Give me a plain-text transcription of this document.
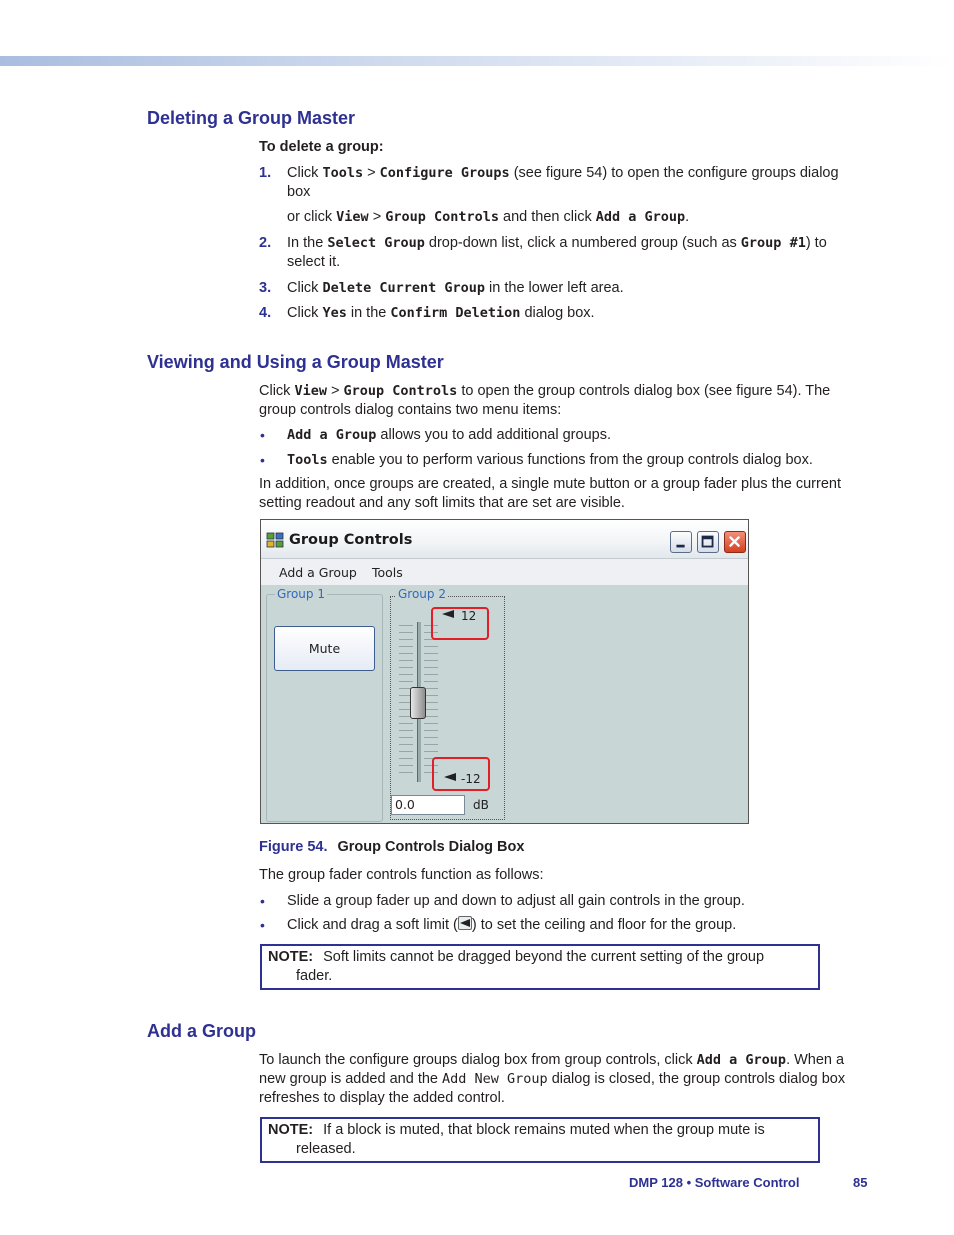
Deleting a Group Master

To delete a group:

1. Click Tools > Configure Groups (see figure 54) to open the configure groups dialog box

or click View > Group Controls and then click Add a Group.

2. In the Select Group drop-down list, click a numbered group (such as Group #1) to select it.

3. Click Delete Current Group in the lower left area.

4. Click Yes in the Confirm Deletion dialog box.

Viewing and Using a Group Master

Click View > Group Controls to open the group controls dialog box (see figure 54). The group controls dialog contains two menu items:

• Add a Group allows you to add additional groups.

• Tools enable you to perform various functions from the group controls dialog box.

In addition, once groups are created, a single mute button or a group fader plus the current setting readout and any soft limits that are set are visible.

Group Controls
Add a Group Tools
Group 1
Mute
12
-12
Group 2
0.0	dB
Figure 54. Group Controls Dialog Box

The group fader controls function as follows:

• Slide a group fader up and down to adjust all gain controls in the group.

• Click and drag a soft limit ( ) to set the ceiling and floor for the group.

NOTE: Soft limits cannot be dragged beyond the current setting of the group
fader.
Add a Group

To launch the configure groups dialog box from group controls, click Add a Group. When a new group is added and the Add New Group dialog is closed, the group controls dialog box refreshes to display the added control.

NOTE: If a block is muted, that block remains muted when the group mute is
released.
DMP 128 • Software Control	85
